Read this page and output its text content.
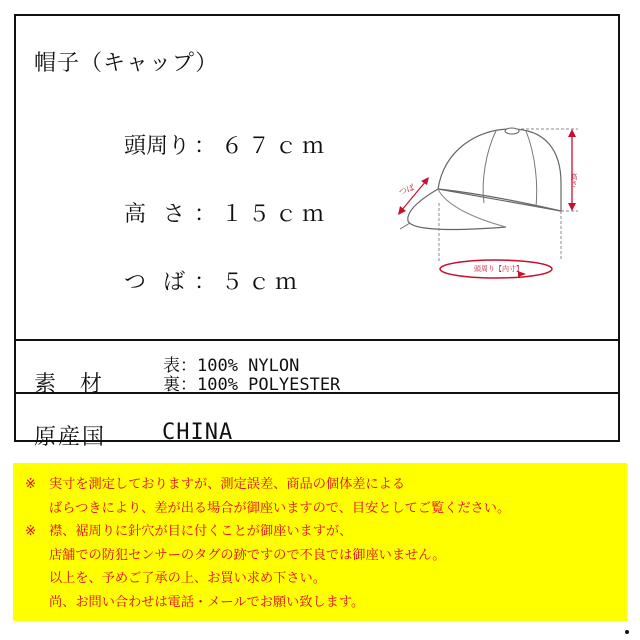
帽子（キャップ）

頭周り ：６７ｃｍ

高さ：１５ｃｍ

つば：５ｃｍ

高さ
つば
頭周り【内寸】
素材
表：100% NYLON
裏：100% POLYESTER
原産国	CHINA
※ 実寸を測定しておりますが、測定誤差、商品の個体差による
ばらつきにより、差が出る場合が御座いますので、目安としてご覧ください。
※ 襟、裾周りに針穴が目に付くことが御座いますが、
店舗での防犯センサーのタグの跡ですので不良では御座いません。
以上を、予めご了承の上、お買い求め下さい。
尚、お問い合わせは電話・メールでお願い致します。
